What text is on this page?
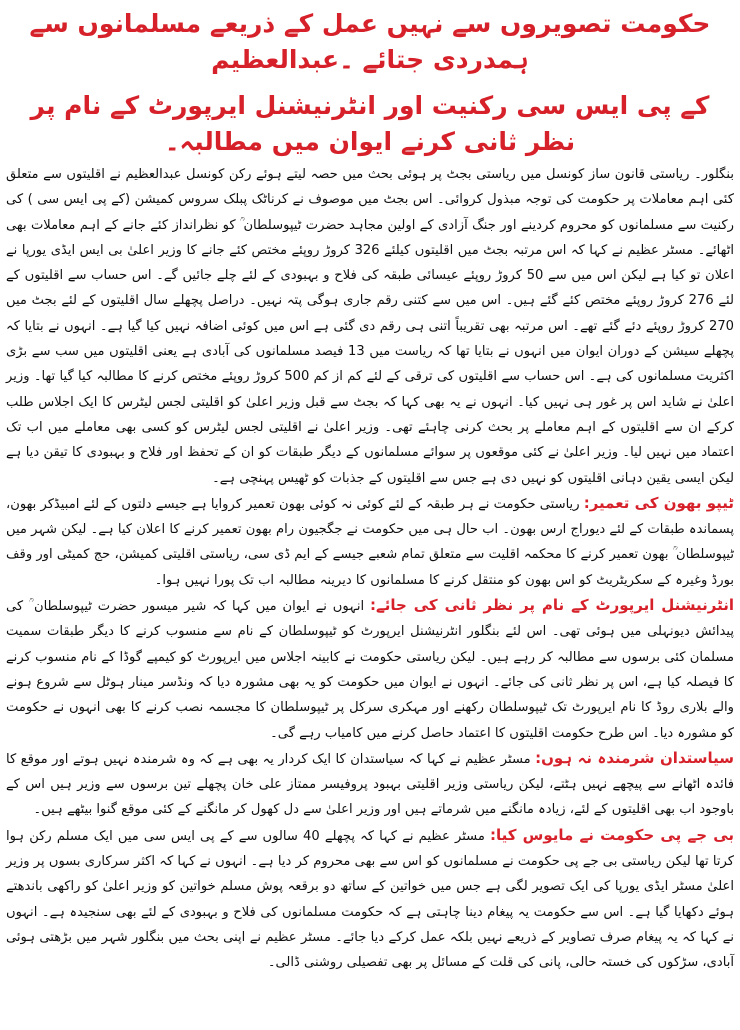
حکومت تصویروں سے نہیں عمل کے ذریعے مسلمانوں سے ہمدردی جتائے ۔عبدالعظیم
کے پی ایس سی رکنیت اور انٹرنیشنل ایرپورٹ کے نام پر نظر ثانی کرنے ایوان میں مطالبہ۔

بنگلور۔ ریاستی قانون ساز کونسل میں ریاستی بجٹ پر ہوئی بحث میں حصہ لیتے ہوئے رکن کونسل عبدالعظیم نے اقلیتوں سے متعلق کئی اہم معاملات پر حکومت کی توجہ مبذول کروائی۔ اس بجٹ میں موصوف نے کرناٹک پبلک سروس کمیشن (کے پی ایس سی ) کی رکنیت سے مسلمانوں کو محروم کردینے اور جنگ آزادی کے اولین مجاہد حضرت ٹیپوسلطان ؒ کو نظرانداز کئے جانے کے اہم معاملات بھی اٹھائے۔ مسٹر عظیم نے کہا کہ اس مرتبہ بجٹ میں اقلیتوں کیلئے 326 کروڑ روپئے مختص کئے جانے کا وزیر اعلیٰ بی ایس ایڈی یورپا نے اعلان تو کیا ہے لیکن اس میں سے 50 کروڑ روپئے عیسائی طبقہ کی فلاح و بہبودی کے لئے چلے جائیں گے۔ اس حساب سے اقلیتوں کے لئے 276 کروڑ روپئے مختص کئے گئے ہیں۔ اس میں سے کتنی رقم جاری ہوگی پتہ نہیں۔ دراصل پچھلے سال اقلیتوں کے لئے بجٹ میں 270 کروڑ روپئے دئے گئے تھے۔ اس مرتبہ بھی تقریباً اتنی ہی رقم دی گئی ہے اس میں کوئی اضافہ نہیں کیا گیا ہے۔ انہوں نے بتایا کہ پچھلے سیشن کے دوران ایوان میں انہوں نے بتایا تھا کہ ریاست میں 13 فیصد مسلمانوں کی آبادی ہے یعنی اقلیتوں میں سب سے بڑی اکثریت مسلمانوں کی ہے۔ اس حساب سے اقلیتوں کی ترقی کے لئے کم از کم 500 کروڑ روپئے مختص کرنے کا مطالبہ کیا گیا تھا۔ وزیر اعلیٰ نے شاید اس پر غور ہی نہیں کیا۔ انہوں نے یہ بھی کہا کہ بجٹ سے قبل وزیر اعلیٰ کو اقلیتی لجس لیٹرس کا ایک اجلاس طلب کرکے ان سے اقلیتوں کے اہم معاملے پر بحث کرنی چاہئے تھی۔ وزیر اعلیٰ نے اقلیتی لجس لیٹرس کو کسی بھی معاملے میں اب تک اعتماد میں نہیں لیا۔ وزیر اعلیٰ نے کئی موقعوں پر سوائے مسلمانوں کے دیگر طبقات کو ان کے تحفظ اور فلاح و بہبودی کا تیقن دیا ہے لیکن ایسی یقین دہانی اقلیتوں کو نہیں دی ہے جس سے اقلیتوں کے جذبات کو ٹھیس پہنچی ہے۔

ٹیپو بھون کی تعمیر: ریاستی حکومت نے ہر طبقہ کے لئے کوئی نہ کوئی بھون تعمیر کروایا ہے جیسے دلتوں کے لئے امبیڈکر بھون، پسماندہ طبقات کے لئے دیوراج ارس بھون۔ اب حال ہی میں حکومت نے جگجیون رام بھون تعمیر کرنے کا اعلان کیا ہے۔ لیکن شہر میں ٹیپوسلطان ؒ بھون تعمیر کرنے کا محکمہ اقلیت سے متعلق تمام شعبے جیسے کے ایم ڈی سی، ریاستی اقلیتی کمیشن، حج کمیٹی اور وقف بورڈ وغیرہ کے سکریٹریٹ کو اس بھون کو منتقل کرنے کا مسلمانوں کا دیرینہ مطالبہ اب تک پورا نہیں ہوا۔

انٹرنیشنل ایرپورٹ کے نام پر نظر ثانی کی جائے: انہوں نے ایوان میں کہا کہ شیر میسور حضرت ٹیپوسلطان ؒ کی پیدائش دیونہلی میں ہوئی تھی۔ اس لئے بنگلور انٹرنیشنل ایرپورٹ کو ٹیپوسلطان کے نام سے منسوب کرنے کا دیگر طبقات سمیت مسلمان کئی برسوں سے مطالبہ کر رہے ہیں۔ لیکن ریاستی حکومت نے کابینہ اجلاس میں ایرپورٹ کو کیمپے گوڈا کے نام منسوب کرنے کا فیصلہ کیا ہے، اس پر نظر ثانی کی جائے۔ انہوں نے ایوان میں حکومت کو یہ بھی مشورہ دیا کہ ونڈسر مینار ہوٹل سے شروع ہونے والے بلاری روڈ کا نام ایرپورٹ تک ٹیپوسلطان رکھنے اور مہکری سرکل پر ٹیپوسلطان کا مجسمہ نصب کرنے کا بھی انہوں نے حکومت کو مشورہ دیا۔ اس طرح حکومت اقلیتوں کا اعتماد حاصل کرنے میں کامیاب رہے گی۔

سیاستدان شرمندہ نہ ہوں: مسٹر عظیم نے کہا کہ سیاستدان کا ایک کردار یہ بھی ہے کہ وہ شرمندہ نہیں ہوتے اور موقع کا فائدہ اٹھانے سے پیچھے نہیں ہٹتے، لیکن ریاستی وزیر اقلیتی بہبود پروفیسر ممتاز علی خان پچھلے تین برسوں سے وزیر ہیں اس کے باوجود اب بھی اقلیتوں کے لئے، زیادہ مانگنے میں شرماتے ہیں اور وزیر اعلیٰ سے دل کھول کر مانگنے کے کئی موقع گنوا بیٹھے ہیں۔

بی جے پی حکومت نے مایوس کیا: مسٹر عظیم نے کہا کہ پچھلے 40 سالوں سے کے پی ایس سی میں ایک مسلم رکن ہوا کرتا تھا لیکن ریاستی بی جے پی حکومت نے مسلمانوں کو اس سے بھی محروم کر دیا ہے۔ انہوں نے کہا کہ اکثر سرکاری بسوں پر وزیر اعلیٰ مسٹر ایڈی یورپا کی ایک تصویر لگی ہے جس میں خواتین کے ساتھ دو برقعہ پوش مسلم خواتین کو وزیر اعلیٰ کو راکھی باندھتے ہوئے دکھایا گیا ہے۔ اس سے حکومت یہ پیغام دینا چاہتی ہے کہ حکومت مسلمانوں کی فلاح و بہبودی کے لئے بھی سنجیدہ ہے۔ انہوں نے کہا کہ یہ پیغام صرف تصاویر کے ذریعے نہیں بلکہ عمل کرکے دیا جائے۔ مسٹر عظیم نے اپنی بحث میں بنگلور شہر میں بڑھتی ہوئی آبادی، سڑکوں کی خستہ حالی، پانی کی قلت کے مسائل پر بھی تفصیلی روشنی ڈالی۔
